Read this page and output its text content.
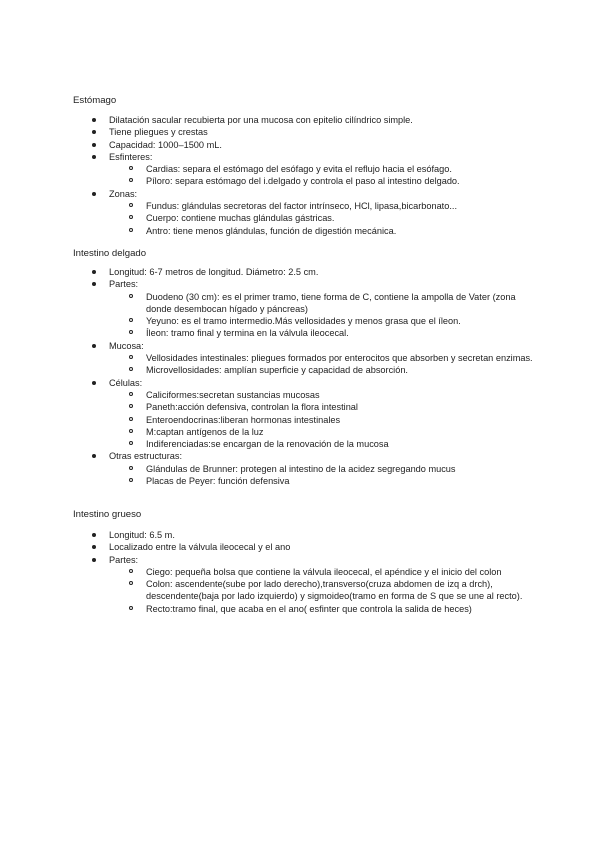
Estómago
Dilatación sacular recubierta por una mucosa con epitelio cilíndrico simple.
Tiene pliegues y crestas
Capacidad: 1000–1500 mL.
Esfinteres:
Cardias: separa el estómago del esófago y evita el reflujo hacia el esófago.
Píloro: separa estómago del i.delgado y controla el paso al intestino delgado.
Zonas:
Fundus: glándulas secretoras del factor intrínseco, HCl, lipasa,bicarbonato...
Cuerpo: contiene muchas glándulas gástricas.
Antro: tiene menos glándulas, función de digestión mecánica.
Intestino delgado
Longitud: 6-7 metros de longitud. Diámetro: 2.5 cm.
Partes:
Duodeno (30 cm): es el primer tramo, tiene forma de C, contiene la ampolla de Vater (zona donde desembocan hígado y páncreas)
Yeyuno: es el tramo intermedio.Más vellosidades y menos grasa que el íleon.
Íleon: tramo final y termina en la válvula ileocecal.
Mucosa:
Vellosidades intestinales: pliegues formados por enterocitos que absorben y secretan enzimas.
Microvellosidades: amplían superficie y capacidad de absorción.
Células:
Caliciformes:secretan sustancias mucosas
Paneth:acción defensiva, controlan la flora intestinal
Enteroendocrinas:liberan hormonas intestinales
M:captan antígenos de la luz
Indiferenciadas:se encargan de la renovación de la mucosa
Otras estructuras:
Glándulas de Brunner: protegen al intestino de la acidez segregando mucus
Placas de Peyer: función defensiva
Intestino grueso
Longitud: 6.5 m.
Localizado entre la válvula ileocecal y el ano
Partes:
Ciego: pequeña bolsa que contiene la válvula ileocecal, el apéndice y el inicio del colon
Colon: ascendente(sube por lado derecho),transverso(cruza abdomen de izq a drch), descendente(baja por lado izquierdo) y sigmoideo(tramo en forma de S que se une al recto).
Recto:tramo final, que acaba en el ano( esfinter que controla la salida de heces)
